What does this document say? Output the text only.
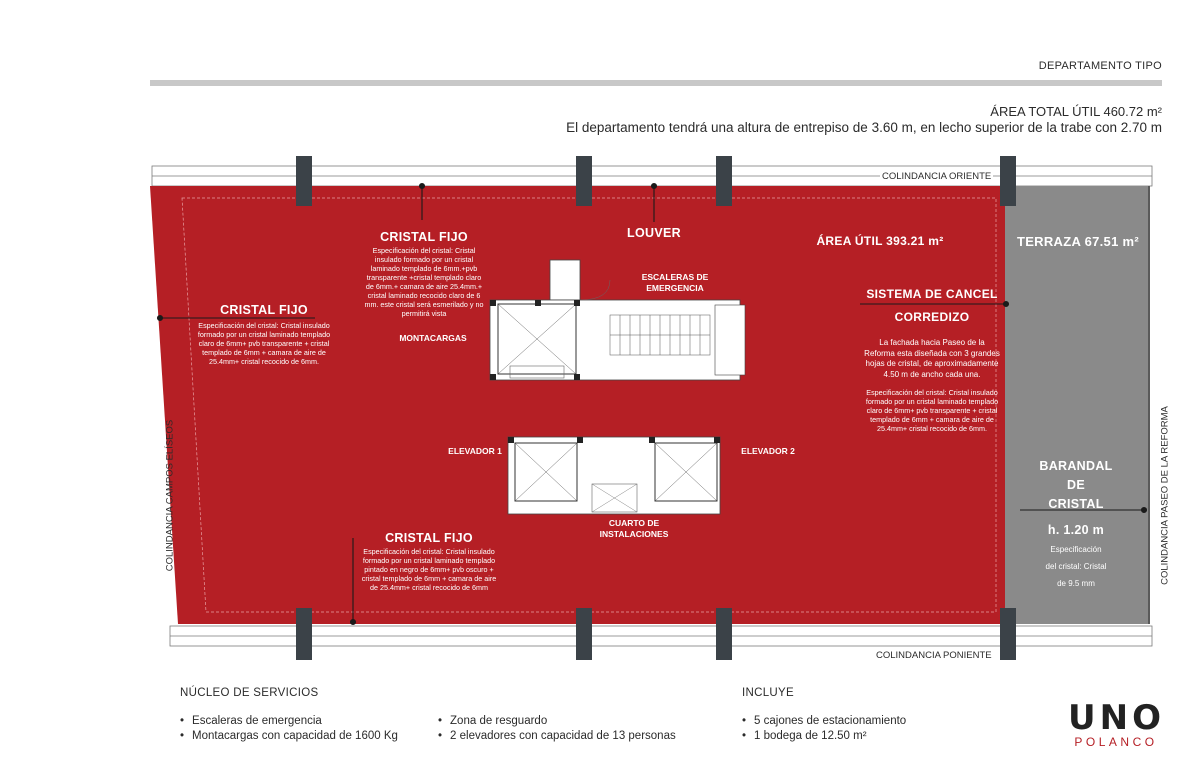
DEPARTAMENTO TIPO
ÁREA TOTAL ÚTIL 460.72 m²
El departamento tendrá una altura de entrepiso de 3.60 m, en lecho superior de la trabe con 2.70 m
COLINDANCIA ORIENTE
COLINDANCIA PONIENTE
COLINDANCIA CAMPOS ELÍSEOS	COLINDANCIA PASEO DE LA REFORMA
ÁREA ÚTIL 393.21 m²	TERRAZA 67.51 m²
LOUVER
ESCALERAS DE
EMERGENCIA
MONTACARGAS
ELEVADOR 1	ELEVADOR 2
CUARTO DE
INSTALACIONES
CRISTAL FIJO
Especificación del cristal: Cristal insulado formado por un cristal laminado templado de 6mm.+pvb transparente +cristal templado claro de 6mm.+ camara de aire 25.4mm.+ cristal laminado recocido claro de 6 mm. este cristal será esmerilado y no permitirá vista
CRISTAL FIJO
Especificación del cristal: Cristal insulado formado por un cristal laminado templado claro de 6mm+ pvb transparente + cristal templado de 6mm + camara de aire de 25.4mm+ cristal recocido de 6mm.
CRISTAL FIJO
Especificación del cristal: Cristal insulado formado por un cristal laminado templado pintado en negro de 6mm+ pvb oscuro + cristal templado de 6mm + camara de aire de 25.4mm+ cristal recocido de 6mm
SISTEMA DE CANCEL
CORREDIZO
La fachada hacia Paseo de la Reforma esta diseñada con 3 grandes hojas de cristal, de aproximadamente 4.50 m de ancho cada una.
Especificación del cristal: Cristal insulado formado por un cristal laminado templado claro de 6mm+ pvb transparente + cristal templado de 6mm + camara de aire de 25.4mm+ cristal recocido de 6mm.
BARANDAL
DE
CRISTAL
h. 1.20 m
Especificación
del cristal: Cristal
de 9.5 mm
NÚCLEO DE SERVICIOS
• Escaleras de emergencia
• Montacargas con capacidad de 1600 Kg
• Zona de resguardo
• 2 elevadores con capacidad de 13 personas
INCLUYE
• 5 cajones de estacionamiento
• 1 bodega de 12.50 m²	UNO
POLANCO
